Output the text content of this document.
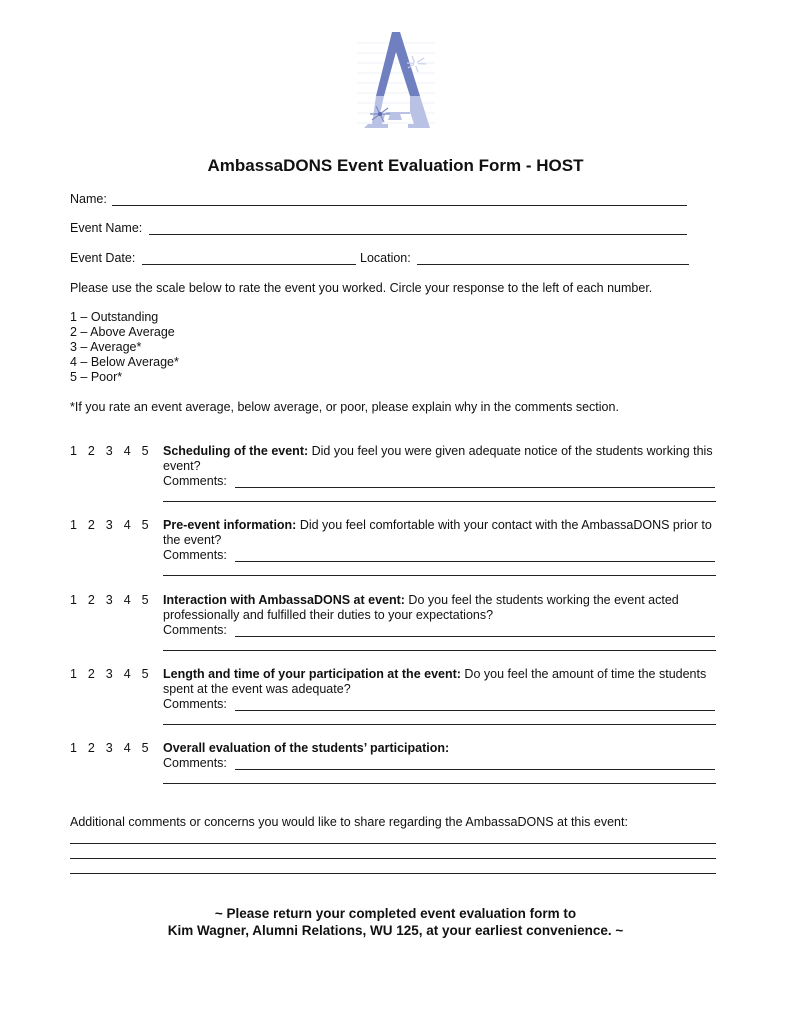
AmbassaDONS Event Evaluation Form - HOST
Name:
Event Name:
Event Date:	Location:
Please use the scale below to rate the event you worked. Circle your response to the left of each number.
1 – Outstanding
2 – Above Average
3 – Average*
4 – Below Average*
5 – Poor*
*If you rate an event average, below average, or poor, please explain why in the comments section.
1  2  3  4  5 Scheduling of the event: Did you feel you were given adequate notice of the students working this event?
Comments:
1  2  3  4  5 Pre-event information: Did you feel comfortable with your contact with the AmbassaDONS prior to the event?
Comments:
1  2  3  4  5 Interaction with AmbassaDONS at event: Do you feel the students working the event acted professionally and fulfilled their duties to your expectations?
Comments:
1  2  3  4  5 Length and time of your participation at the event: Do you feel the amount of time the students spent at the event was adequate?
Comments:
1  2  3  4  5 Overall evaluation of the students’ participation:
Comments:
Additional comments or concerns you would like to share regarding the AmbassaDONS at this event:
~ Please return your completed event evaluation form to
Kim Wagner, Alumni Relations, WU 125, at your earliest convenience. ~
